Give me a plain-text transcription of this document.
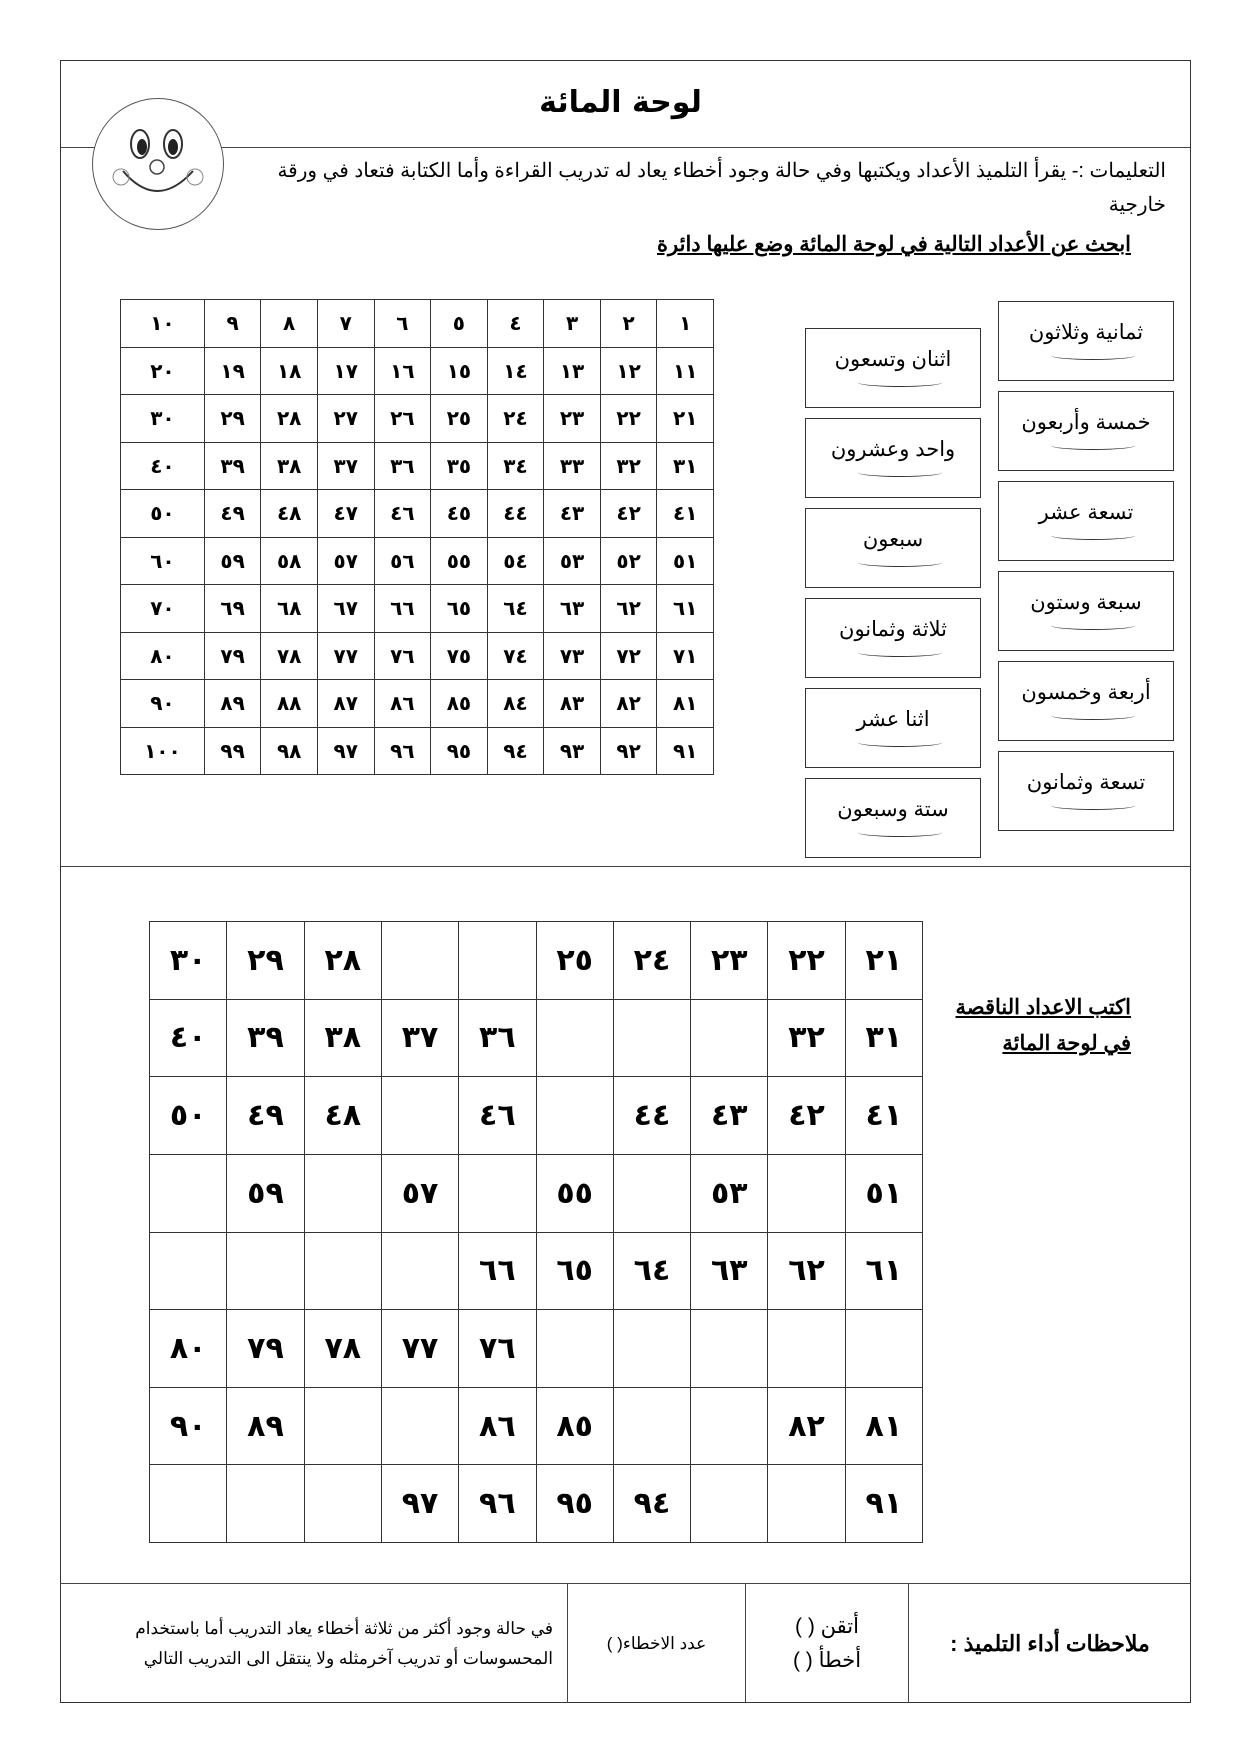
لوحة المائة
التعليمات :- يقرأ التلميذ الأعداد ويكتبها وفي حالة وجود أخطاء يعاد له تدريب القراءة وأما الكتابة فتعاد في ورقة خارجية
ابحث عن الأعداد التالية في لوحة المائة وضع عليها دائرة
١	٢	٣	٤	٥	٦	٧	٨	٩	١٠
١١	١٢	١٣	١٤	١٥	١٦	١٧	١٨	١٩	٢٠
٢١	٢٢	٢٣	٢٤	٢٥	٢٦	٢٧	٢٨	٢٩	٣٠
٣١	٣٢	٣٣	٣٤	٣٥	٣٦	٣٧	٣٨	٣٩	٤٠
٤١	٤٢	٤٣	٤٤	٤٥	٤٦	٤٧	٤٨	٤٩	٥٠
٥١	٥٢	٥٣	٥٤	٥٥	٥٦	٥٧	٥٨	٥٩	٦٠
٦١	٦٢	٦٣	٦٤	٦٥	٦٦	٦٧	٦٨	٦٩	٧٠
٧١	٧٢	٧٣	٧٤	٧٥	٧٦	٧٧	٧٨	٧٩	٨٠
٨١	٨٢	٨٣	٨٤	٨٥	٨٦	٨٧	٨٨	٨٩	٩٠
٩١	٩٢	٩٣	٩٤	٩٥	٩٦	٩٧	٩٨	٩٩	١٠٠
ثمانية وثلاثون
خمسة وأربعون
تسعة عشر
سبعة وستون
أربعة وخمسون
تسعة وثمانون
اثنان وتسعون
واحد وعشرون
سبعون
ثلاثة وثمانون
اثنا عشر
ستة وسبعون
٢١	٢٢	٢٣	٢٤	٢٥			٢٨	٢٩	٣٠
٣١	٣٢				٣٦	٣٧	٣٨	٣٩	٤٠
٤١	٤٢	٤٣	٤٤		٤٦		٤٨	٤٩	٥٠
٥١		٥٣		٥٥		٥٧		٥٩	
٦١	٦٢	٦٣	٦٤	٦٥	٦٦				
					٧٦	٧٧	٧٨	٧٩	٨٠
٨١	٨٢			٨٥	٨٦			٨٩	٩٠
٩١			٩٤	٩٥	٩٦	٩٧			
اكتب الاعداد الناقصة في لوحة المائة
ملاحظات أداء التلميذ :
أتقن ( )
أخطأ ( )
عدد الاخطاء( )
في حالة وجود أكثر من ثلاثة أخطاء يعاد التدريب أما باستخدام المحسوسات أو تدريب آخرمثله ولا ينتقل الى التدريب التالي
